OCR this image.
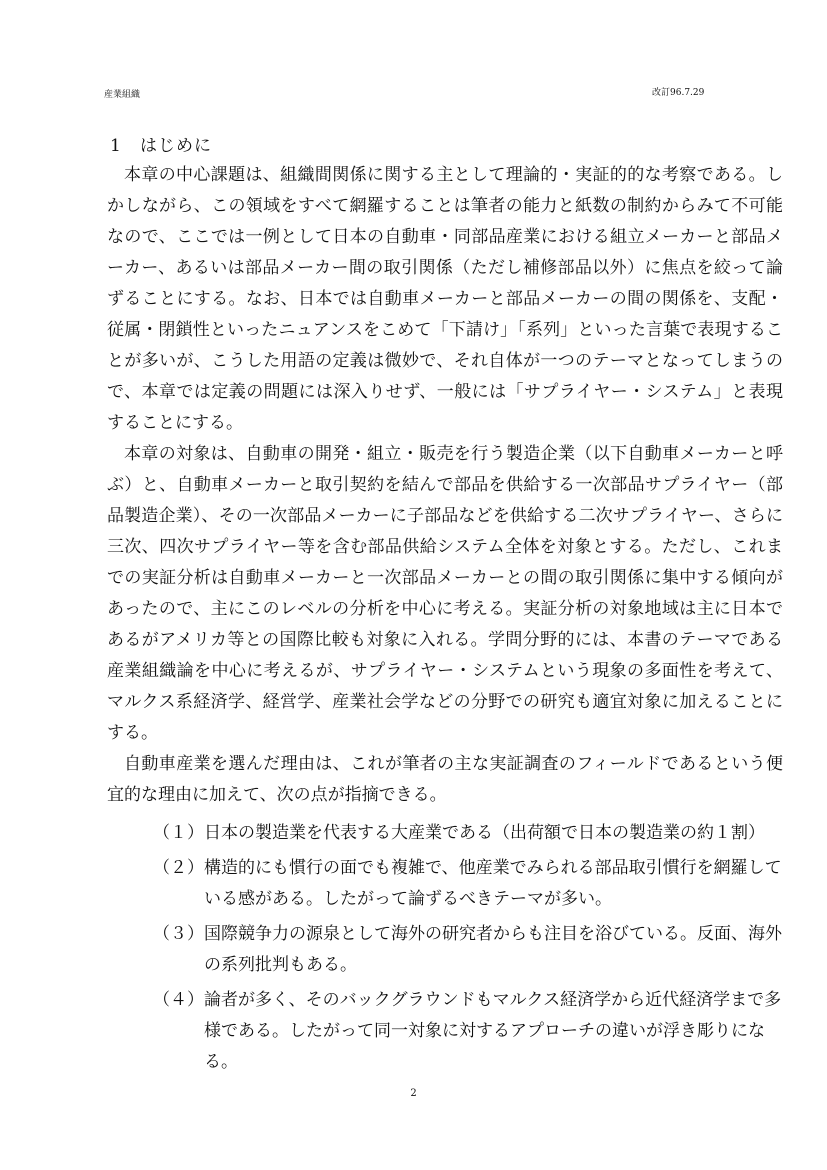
産業組織	改訂96.7.29
1 はじめに

本章の中心課題は、組織間関係に関する主として理論的・実証的的な考察である。しかしながら、この領域をすべて網羅することは筆者の能力と紙数の制約からみて不可能なので、ここでは一例として日本の自動車・同部品産業における組立メーカーと部品メーカー、あるいは部品メーカー間の取引関係（ただし補修部品以外）に焦点を絞って論ずることにする。なお、日本では自動車メーカーと部品メーカーの間の関係を、支配・従属・閉鎖性といったニュアンスをこめて「下請け」「系列」といった言葉で表現することが多いが、こうした用語の定義は微妙で、それ自体が一つのテーマとなってしまうので、本章では定義の問題には深入りせず、一般には「サプライヤー・システム」と表現することにする。

本章の対象は、自動車の開発・組立・販売を行う製造企業（以下自動車メーカーと呼ぶ）と、自動車メーカーと取引契約を結んで部品を供給する一次部品サプライヤー（部品製造企業）、その一次部品メーカーに子部品などを供給する二次サプライヤー、さらに三次、四次サプライヤー等を含む部品供給システム全体を対象とする。ただし、これまでの実証分析は自動車メーカーと一次部品メーカーとの間の取引関係に集中する傾向があったので、主にこのレベルの分析を中心に考える。実証分析の対象地域は主に日本であるがアメリカ等との国際比較も対象に入れる。学問分野的には、本書のテーマである産業組織論を中心に考えるが、サプライヤー・システムという現象の多面性を考えて、マルクス系経済学、経営学、産業社会学などの分野での研究も適宜対象に加えることにする。

自動車産業を選んだ理由は、これが筆者の主な実証調査のフィールドであるという便宜的な理由に加えて、次の点が指摘できる。

（１） 日本の製造業を代表する大産業である（出荷額で日本の製造業の約１割）
（２） 構造的にも慣行の面でも複雑で、他産業でみられる部品取引慣行を網羅している感がある。したがって論ずるべきテーマが多い。
（３） 国際競争力の源泉として海外の研究者からも注目を浴びている。反面、海外の系列批判もある。
（４） 論者が多く、そのバックグラウンドもマルクス経済学から近代経済学まで多様である。したがって同一対象に対するアプローチの違いが浮き彫りになる。
2
